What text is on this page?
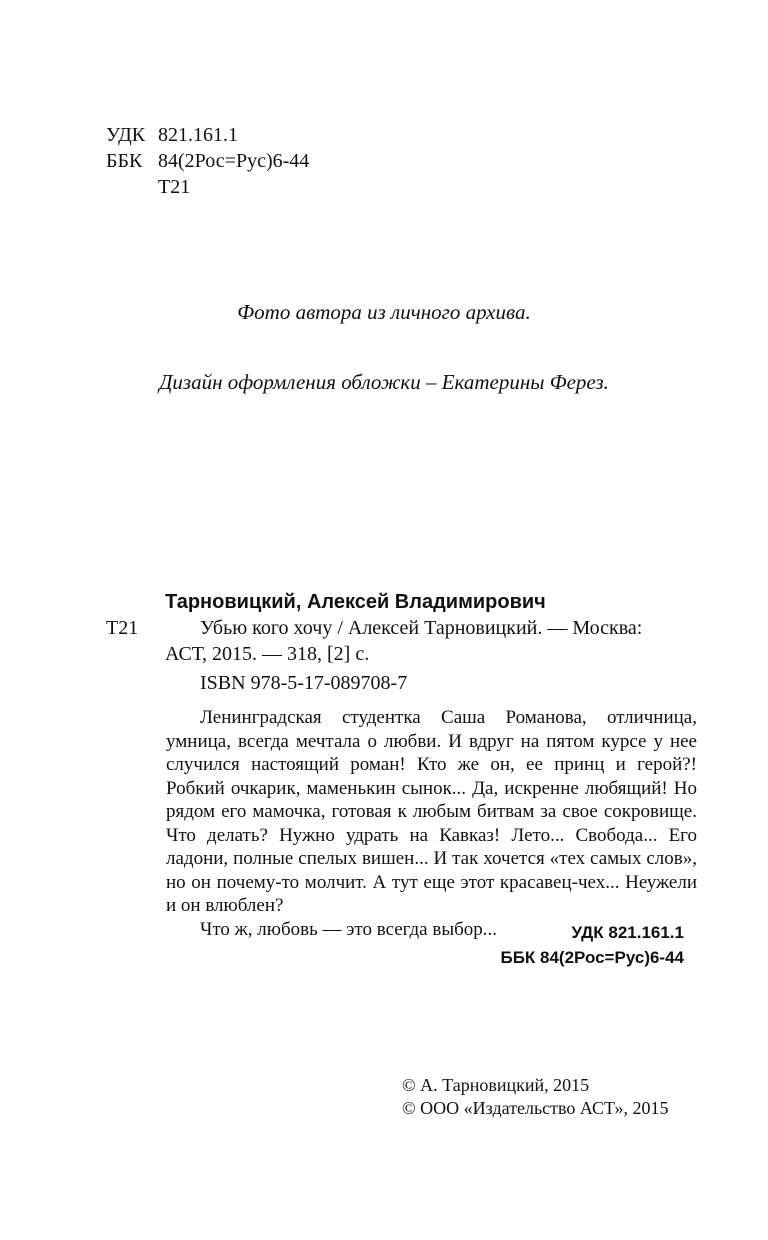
УДК 821.161.1
ББК 84(2Рос=Рус)6-44
Т21
Фото автора из личного архива.
Дизайн оформления обложки – Екатерины Ферез.
Тарновицкий, Алексей Владимирович
Т21	Убью кого хочу / Алексей Тарновицкий. — Москва:
АСТ, 2015. — 318, [2] с.
ISBN 978-5-17-089708-7

Ленинградская студентка Саша Романова, отличница, умница, всегда мечтала о любви. И вдруг на пятом курсе у нее случился настоящий роман! Кто же он, ее принц и герой?! Робкий очкарик, маменькин сынок... Да, искренне любящий! Но рядом его мамочка, готовая к любым битвам за свое сокровище. Что делать? Нужно удрать на Кавказ! Лето... Свобода... Его ладони, полные спелых вишен... И так хочется «тех самых слов», но он почему-то молчит. А тут еще этот красавец-чех... Неужели и он влюблен?

Что ж, любовь — это всегда выбор...	УДК 821.161.1
ББК 84(2Рос=Рус)6-44
© А. Тарновицкий, 2015
© ООО «Издательство АСТ», 2015
